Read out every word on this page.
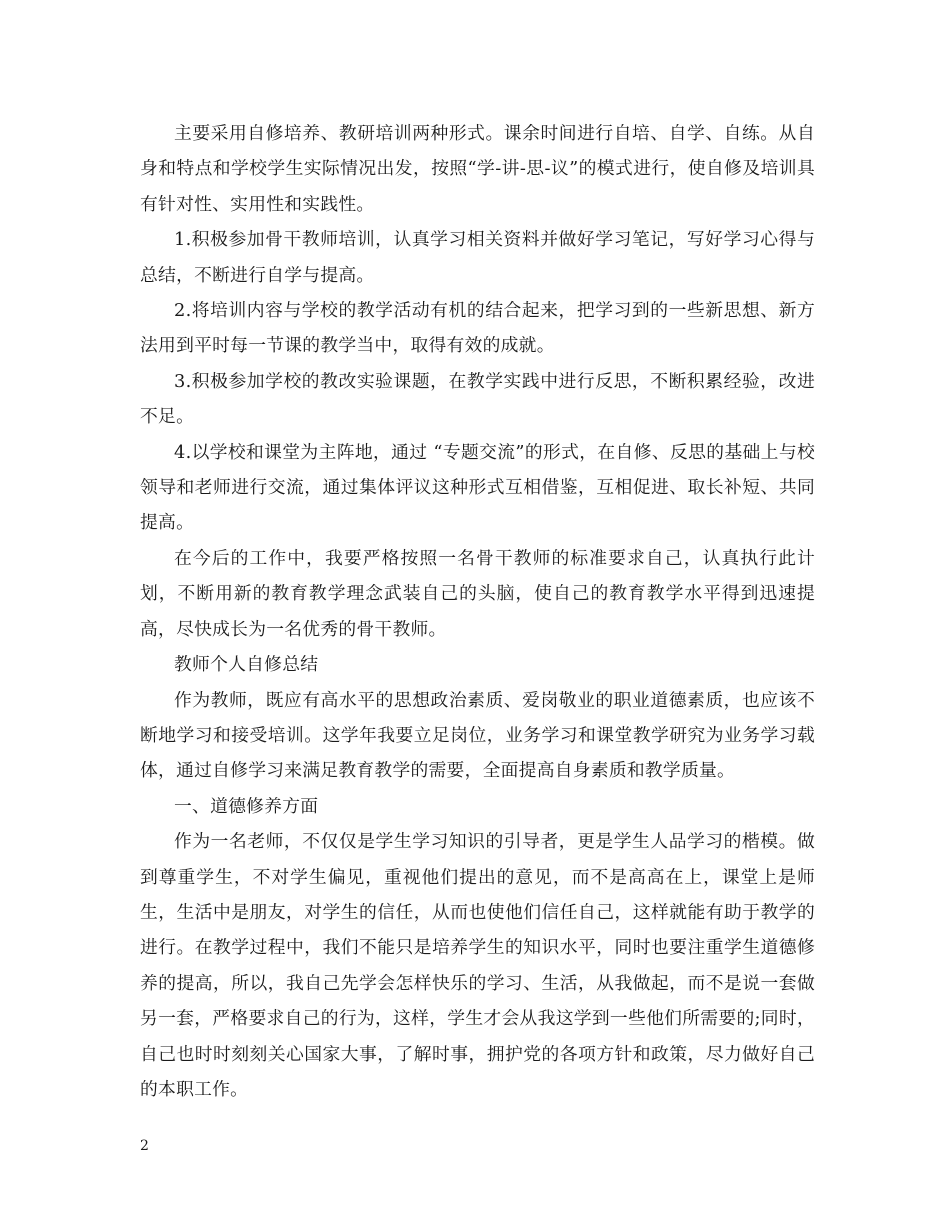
主要采用自修培养、教研培训两种形式。课余时间进行自培、自学、自练。从自身和特点和学校学生实际情况出发，按照“学-讲-思-议”的模式进行，使自修及培训具有针对性、实用性和实践性。

1.积极参加骨干教师培训，认真学习相关资料并做好学习笔记，写好学习心得与总结，不断进行自学与提高。

2.将培训内容与学校的教学活动有机的结合起来，把学习到的一些新思想、新方法用到平时每一节课的教学当中，取得有效的成就。

3.积极参加学校的教改实验课题，在教学实践中进行反思，不断积累经验，改进不足。

4.以学校和课堂为主阵地，通过 “专题交流”的形式，在自修、反思的基础上与校领导和老师进行交流，通过集体评议这种形式互相借鉴，互相促进、取长补短、共同提高。

在今后的工作中，我要严格按照一名骨干教师的标准要求自己，认真执行此计划，不断用新的教育教学理念武装自己的头脑，使自己的教育教学水平得到迅速提高，尽快成长为一名优秀的骨干教师。

教师个人自修总结

作为教师，既应有高水平的思想政治素质、爱岗敬业的职业道德素质，也应该不断地学习和接受培训。这学年我要立足岗位，业务学习和课堂教学研究为业务学习载体，通过自修学习来满足教育教学的需要，全面提高自身素质和教学质量。

一、道德修养方面

作为一名老师，不仅仅是学生学习知识的引导者，更是学生人品学习的楷模。做到尊重学生，不对学生偏见，重视他们提出的意见，而不是高高在上，课堂上是师生，生活中是朋友，对学生的信任，从而也使他们信任自己，这样就能有助于教学的进行。在教学过程中，我们不能只是培养学生的知识水平，同时也要注重学生道德修养的提高，所以，我自己先学会怎样快乐的学习、生活，从我做起，而不是说一套做另一套，严格要求自己的行为，这样，学生才会从我这学到一些他们所需要的;同时，自己也时时刻刻关心国家大事，了解时事，拥护党的各项方针和政策，尽力做好自己的本职工作。

2
